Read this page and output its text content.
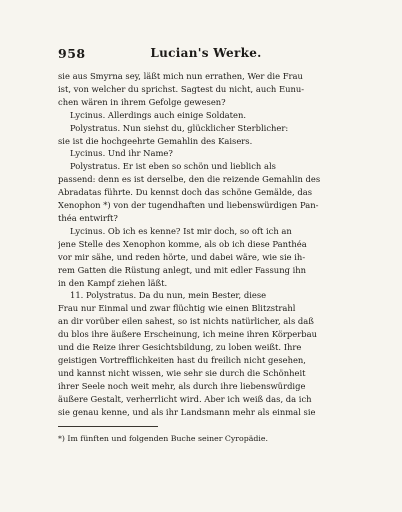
958	Lucian's Werke.
sie aus Smyrna sey, läßt mich nun errathen, Wer die Frau
ist, von welcher du sprichst. Sagtest du nicht, auch Eunu-
chen wären in ihrem Gefolge gewesen?
Lycinus. Allerdings auch einige Soldaten.
Polystratus. Nun siehst du, glücklicher Sterblicher:
sie ist die hochgeehrte Gemahlin des Kaisers.
Lycinus. Und ihr Name?
Polystratus. Er ist eben so schön und lieblich als
passend: denn es ist derselbe, den die reizende Gemahlin des
Abradatas führte. Du kennst doch das schöne Gemälde, das
Xenophon *) von der tugendhaften und liebenswürdigen Pan-
théa entwirft?
Lycinus. Ob ich es kenne? Ist mir doch, so oft ich an
jene Stelle des Xenophon komme, als ob ich diese Panthéa
vor mir sähe, und reden hörte, und dabei wäre, wie sie ih-
rem Gatten die Rüstung anlegt, und mit edler Fassung ihn
in den Kampf ziehen läßt.
11. Polystratus. Da du nun, mein Bester, diese
Frau nur Einmal und zwar flüchtig wie einen Blitzstrahl
an dir vorüber eilen sahest, so ist nichts natürlicher, als daß
du blos ihre äußere Erscheinung, ich meine ihren Körperbau
und die Reize ihrer Gesichtsbildung, zu loben weißt. Ihre
geistigen Vortrefflichkeiten hast du freilich nicht gesehen,
und kannst nicht wissen, wie sehr sie durch die Schönheit
ihrer Seele noch weit mehr, als durch ihre liebenswürdige
äußere Gestalt, verherrlicht wird. Aber ich weiß das, da ich
sie genau kenne, und als ihr Landsmann mehr als einmal sie
*) Im fünften und folgenden Buche seiner Cyropädie.
